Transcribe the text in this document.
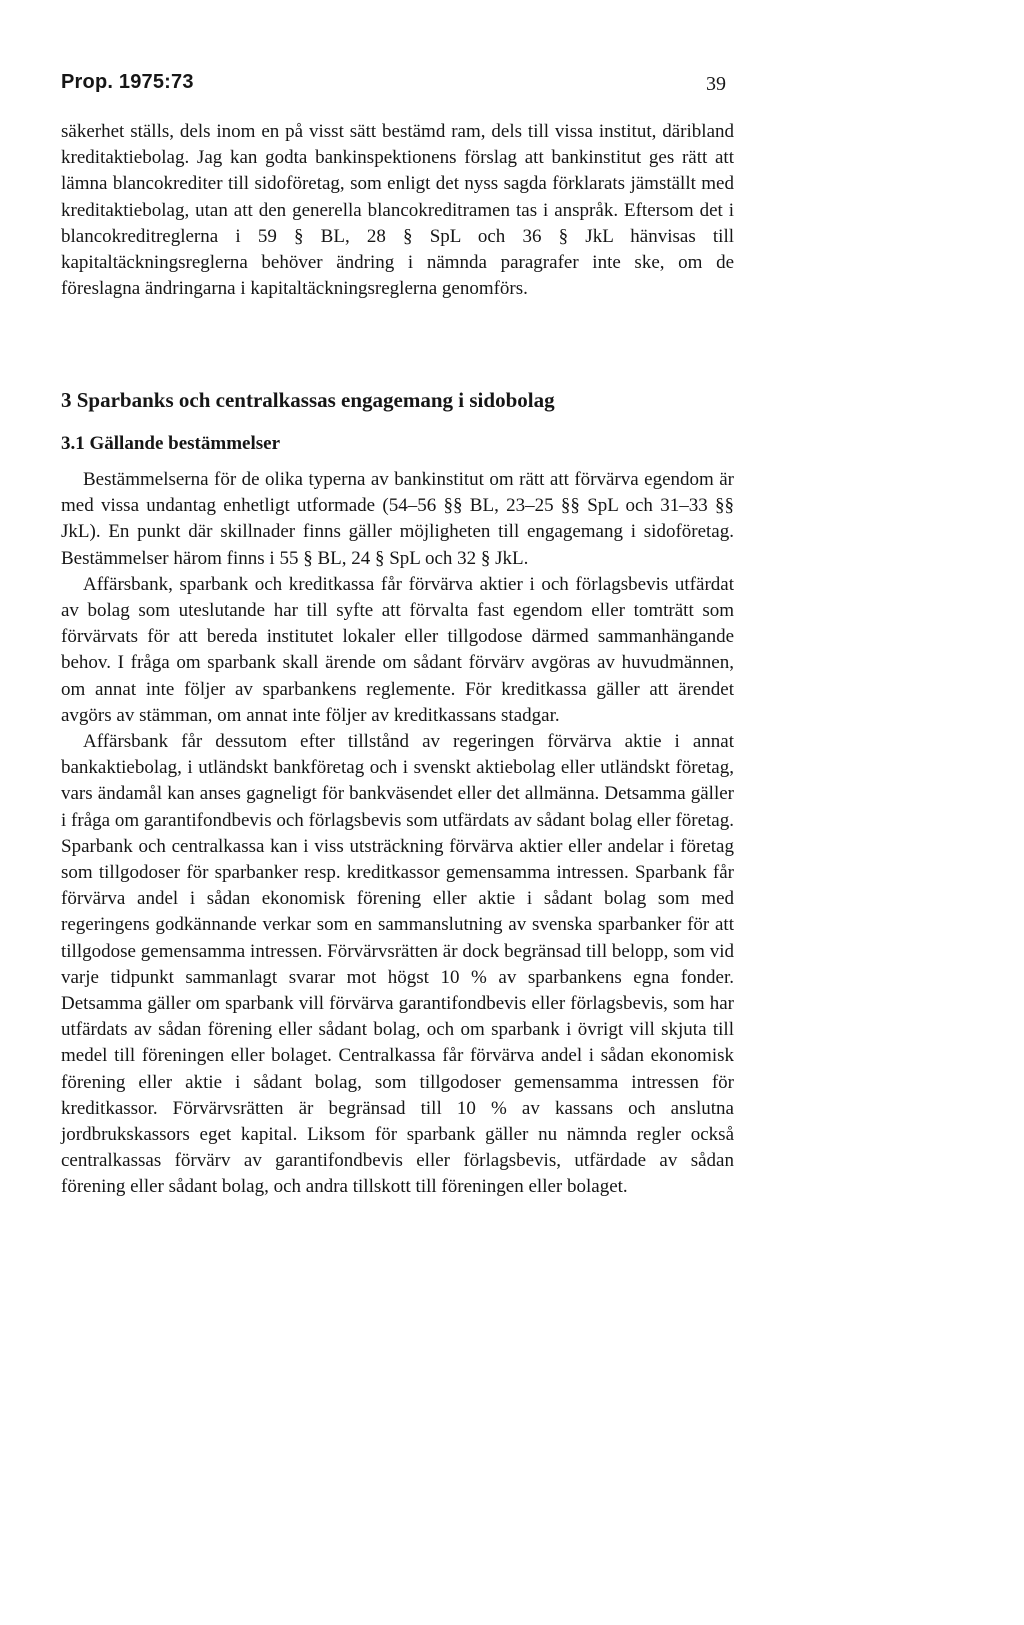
Prop. 1975:73	39

säkerhet ställs, dels inom en på visst sätt bestämd ram, dels till vissa institut, däribland kreditaktiebolag. Jag kan godta bankinspektionens förslag att bankinstitut ges rätt att lämna blancokrediter till sidoföretag, som enligt det nyss sagda förklarats jämställt med kreditaktiebolag, utan att den generella blancokreditramen tas i anspråk. Eftersom det i blancokreditreglerna i 59 § BL, 28 § SpL och 36 § JkL hänvisas till kapitaltäckningsreglerna behöver ändring i nämnda paragrafer inte ske, om de föreslagna ändringarna i kapitaltäckningsreglerna genomförs.

3 Sparbanks och centralkassas engagemang i sidobolag
3.1 Gällande bestämmelser

Bestämmelserna för de olika typerna av bankinstitut om rätt att förvärva egendom är med vissa undantag enhetligt utformade (54–56 §§ BL, 23–25 §§ SpL och 31–33 §§ JkL). En punkt där skillnader finns gäller möjligheten till engagemang i sidoföretag. Bestämmelser härom finns i 55 § BL, 24 § SpL och 32 § JkL.

Affärsbank, sparbank och kreditkassa får förvärva aktier i och förlagsbevis utfärdat av bolag som uteslutande har till syfte att förvalta fast egendom eller tomträtt som förvärvats för att bereda institutet lokaler eller tillgodose därmed sammanhängande behov. I fråga om sparbank skall ärende om sådant förvärv avgöras av huvudmännen, om annat inte följer av sparbankens reglemente. För kreditkassa gäller att ärendet avgörs av stämman, om annat inte följer av kreditkassans stadgar.

Affärsbank får dessutom efter tillstånd av regeringen förvärva aktie i annat bankaktiebolag, i utländskt bankföretag och i svenskt aktiebolag eller utländskt företag, vars ändamål kan anses gagneligt för bankväsendet eller det allmänna. Detsamma gäller i fråga om garantifondbevis och förlagsbevis som utfärdats av sådant bolag eller företag. Sparbank och centralkassa kan i viss utsträckning förvärva aktier eller andelar i företag som tillgodoser för sparbanker resp. kreditkassor gemensamma intressen. Sparbank får förvärva andel i sådan ekonomisk förening eller aktie i sådant bolag som med regeringens godkännande verkar som en sammanslutning av svenska sparbanker för att tillgodose gemensamma intressen. Förvärvsrätten är dock begränsad till belopp, som vid varje tidpunkt sammanlagt svarar mot högst 10 % av sparbankens egna fonder. Detsamma gäller om sparbank vill förvärva garantifondbevis eller förlagsbevis, som har utfärdats av sådan förening eller sådant bolag, och om sparbank i övrigt vill skjuta till medel till föreningen eller bolaget. Centralkassa får förvärva andel i sådan ekonomisk förening eller aktie i sådant bolag, som tillgodoser gemensamma intressen för kreditkassor. Förvärvsrätten är begränsad till 10 % av kassans och anslutna jordbrukskassors eget kapital. Liksom för sparbank gäller nu nämnda regler också centralkassas förvärv av garantifondbevis eller förlagsbevis, utfärdade av sådan förening eller sådant bolag, och andra tillskott till föreningen eller bolaget.
